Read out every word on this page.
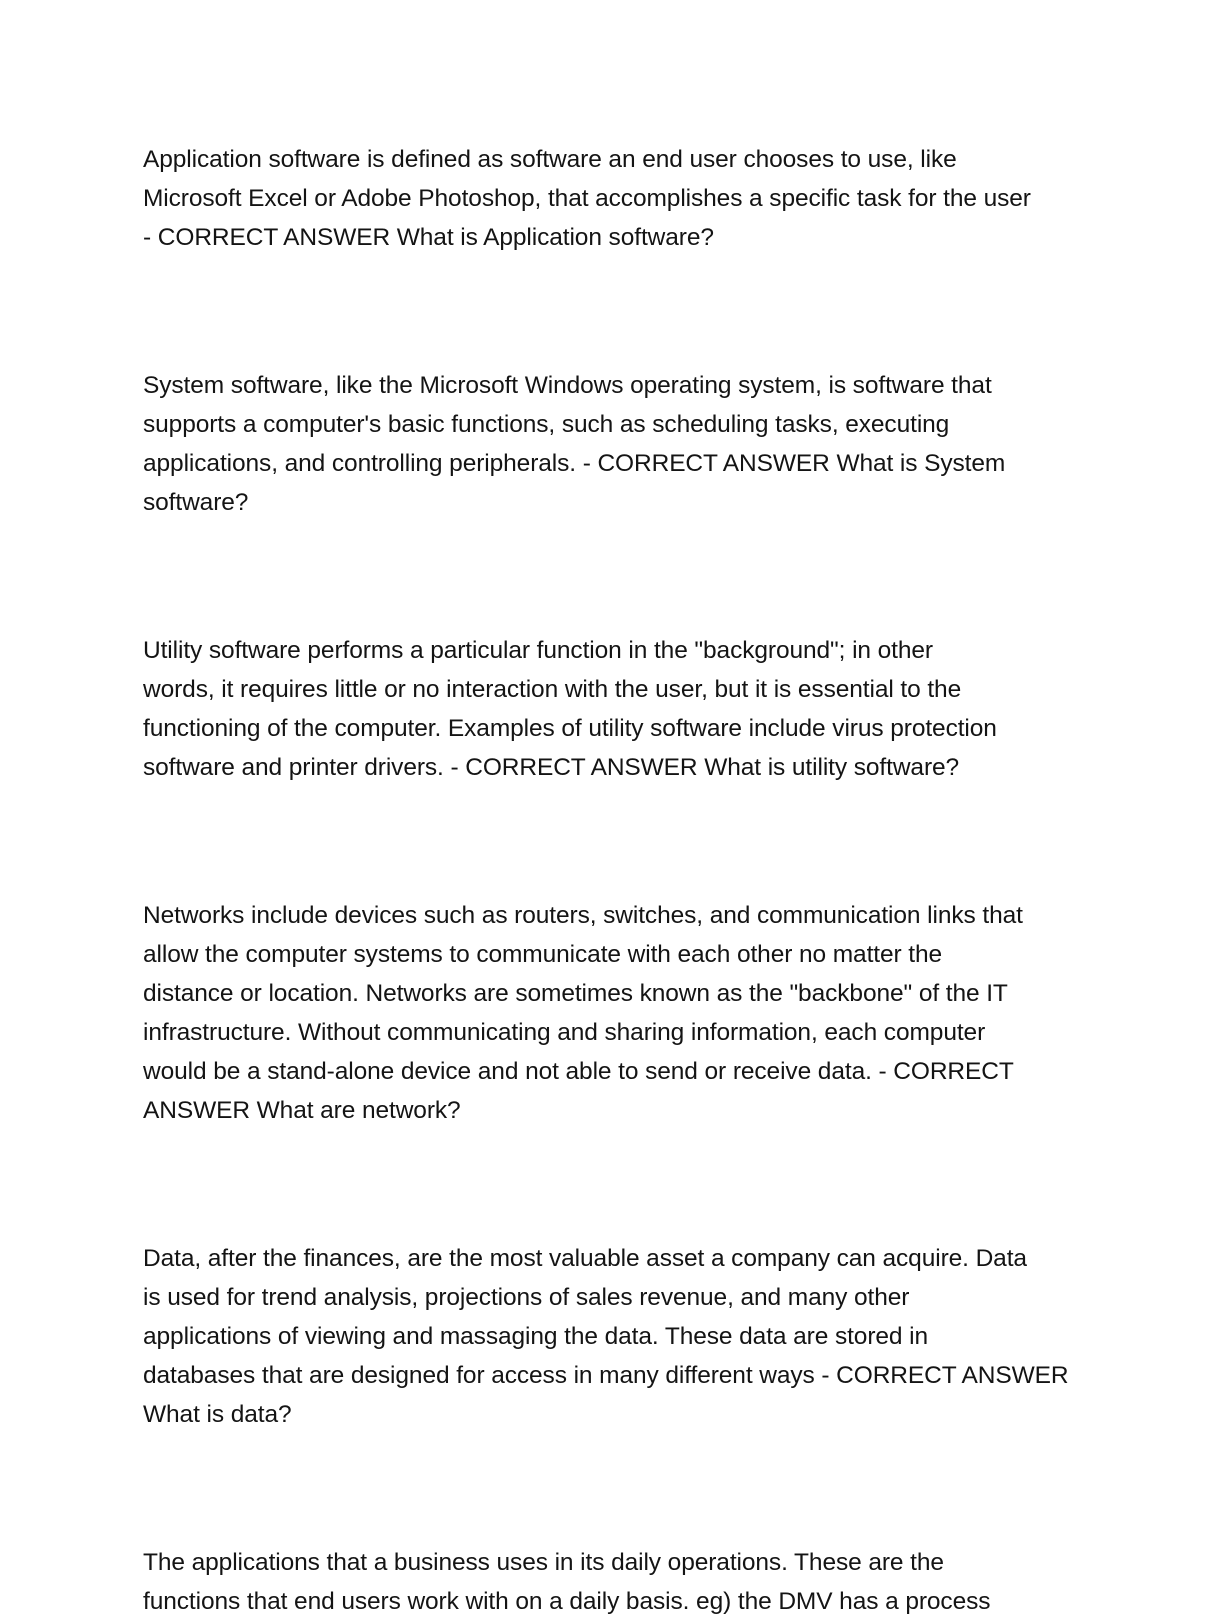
Application software is defined as software an end user chooses to use, like
Microsoft Excel or Adobe Photoshop, that accomplishes a specific task for the user
- CORRECT ANSWER What is Application software?

System software, like the Microsoft Windows operating system, is software that
supports a computer's basic functions, such as scheduling tasks, executing
applications, and controlling peripherals. - CORRECT ANSWER What is System
software?

Utility software performs a particular function in the "background"; in other
words, it requires little or no interaction with the user, but it is essential to the
functioning of the computer. Examples of utility software include virus protection
software and printer drivers. - CORRECT ANSWER What is utility software?

Networks include devices such as routers, switches, and communication links that
allow the computer systems to communicate with each other no matter the
distance or location. Networks are sometimes known as the "backbone" of the IT
infrastructure. Without communicating and sharing information, each computer
would be a stand-alone device and not able to send or receive data. - CORRECT
ANSWER What are network?

Data, after the finances, are the most valuable asset a company can acquire. Data
is used for trend analysis, projections of sales revenue, and many other
applications of viewing and massaging the data. These data are stored in
databases that are designed for access in many different ways - CORRECT ANSWER
What is data?

The applications that a business uses in its daily operations. These are the
functions that end users work with on a daily basis. eg) the DMV has a process
